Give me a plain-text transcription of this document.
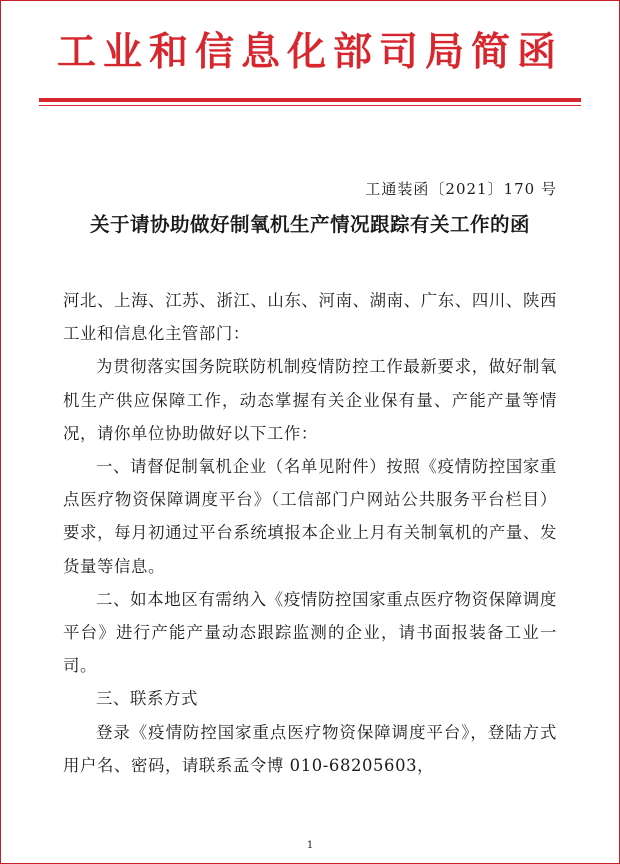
工业和信息化部司局简函
工通装函〔2021〕170 号
关于请协助做好制氧机生产情况跟踪有关工作的函

河北、上海、江苏、浙江、山东、河南、湖南、广东、四川、陕西工业和信息化主管部门：

为贯彻落实国务院联防机制疫情防控工作最新要求，做好制氧机生产供应保障工作，动态掌握有关企业保有量、产能产量等情况，请你单位协助做好以下工作：

一、请督促制氧机企业（名单见附件）按照《疫情防控国家重点医疗物资保障调度平台》（工信部门户网站公共服务平台栏目）要求，每月初通过平台系统填报本企业上月有关制氧机的产量、发货量等信息。

二、如本地区有需纳入《疫情防控国家重点医疗物资保障调度平台》进行产能产量动态跟踪监测的企业，请书面报装备工业一司。

三、联系方式

登录《疫情防控国家重点医疗物资保障调度平台》，登陆方式用户名、密码，请联系孟令博 010-68205603，

1
